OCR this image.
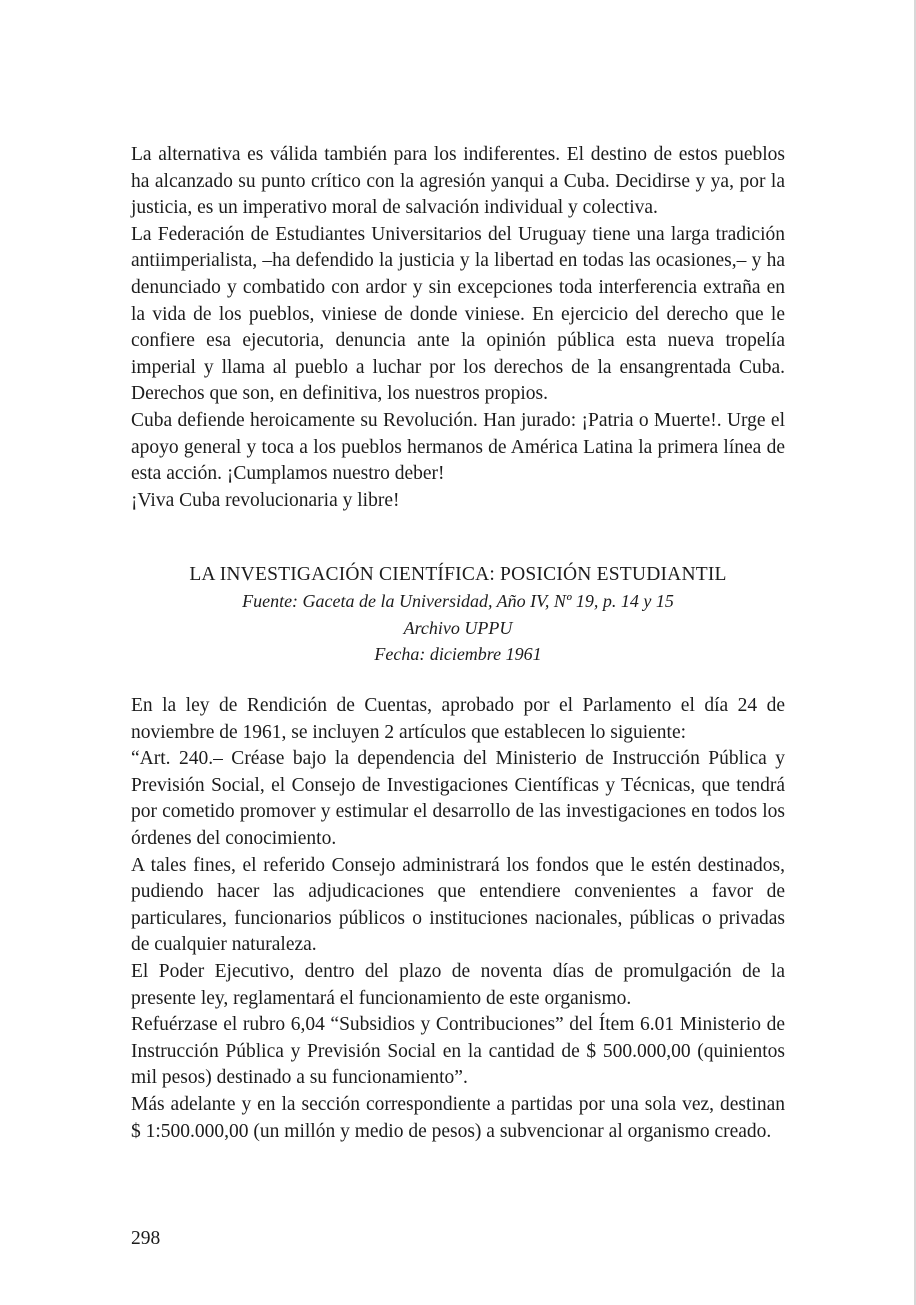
La alternativa es válida también para los indiferentes. El destino de estos pueblos ha alcanzado su punto crítico con la agresión yanqui a Cuba. Decidirse y ya, por la justicia, es un imperativo moral de salvación individual y colectiva.

La Federación de Estudiantes Universitarios del Uruguay tiene una larga tradición antiimperialista, –ha defendido la justicia y la libertad en todas las ocasiones,– y ha denunciado y combatido con ardor y sin excepciones toda interferencia extraña en la vida de los pueblos, viniese de donde viniese. En ejercicio del derecho que le confiere esa ejecutoria, denuncia ante la opinión pública esta nueva tropelía imperial y llama al pueblo a luchar por los derechos de la ensangrentada Cuba. Derechos que son, en definitiva, los nuestros propios.

Cuba defiende heroicamente su Revolución. Han jurado: ¡Patria o Muerte!. Urge el apoyo general y toca a los pueblos hermanos de América Latina la primera línea de esta acción. ¡Cumplamos nuestro deber!

¡Viva Cuba revolucionaria y libre!

LA INVESTIGACIÓN CIENTÍFICA: POSICIÓN ESTUDIANTIL
Fuente: Gaceta de la Universidad, Año IV, Nº 19, p. 14 y 15
Archivo UPPU
Fecha: diciembre 1961

En la ley de Rendición de Cuentas, aprobado por el Parlamento el día 24 de noviembre de 1961, se incluyen 2 artículos que establecen lo siguiente:

“Art. 240.– Créase bajo la dependencia del Ministerio de Instrucción Pública y Previsión Social, el Consejo de Investigaciones Científicas y Técnicas, que tendrá por cometido promover y estimular el desarrollo de las investigaciones en todos los órdenes del conocimiento.

A tales fines, el referido Consejo administrará los fondos que le estén destinados, pudiendo hacer las adjudicaciones que entendiere convenientes a favor de particulares, funcionarios públicos o instituciones nacionales, públicas o privadas de cualquier naturaleza.

El Poder Ejecutivo, dentro del plazo de noventa días de promulgación de la presente ley, reglamentará el funcionamiento de este organismo.

Refuérzase el rubro 6,04 “Subsidios y Contribuciones” del Ítem 6.01 Ministerio de Instrucción Pública y Previsión Social en la cantidad de $ 500.000,00 (quinientos mil pesos) destinado a su funcionamiento”.

Más adelante y en la sección correspondiente a partidas por una sola vez, destinan $ 1:500.000,00 (un millón y medio de pesos) a subvencionar al organismo creado.

298
